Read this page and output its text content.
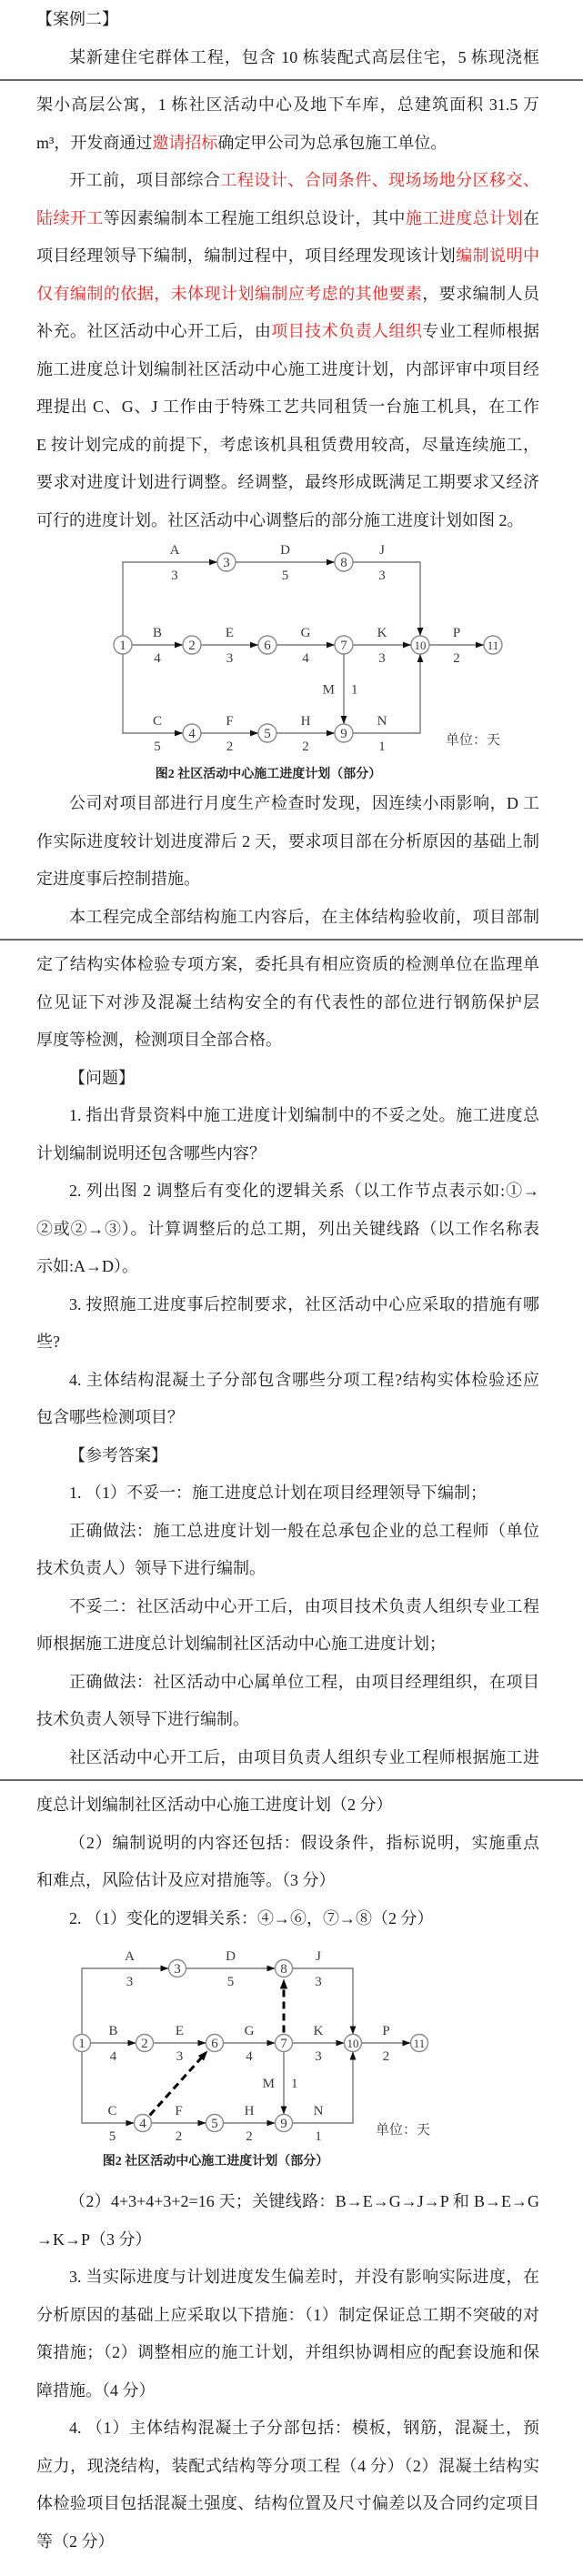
【案例二】
某新建住宅群体工程，包含 10 栋装配式高层住宅，5 栋现浇框
架小高层公寓，1 栋社区活动中心及地下车库，总建筑面积 31.5 万
m³，开发商通过邀请招标确定甲公司为总承包施工单位。
开工前，项目部综合工程设计、合同条件、现场场地分区移交、
陆续开工等因素编制本工程施工组织总设计，其中施工进度总计划在
项目经理领导下编制，编制过程中，项目经理发现该计划编制说明中
仅有编制的依据，未体现计划编制应考虑的其他要素，要求编制人员
补充。社区活动中心开工后，由项目技术负责人组织专业工程师根据
施工进度总计划编制社区活动中心施工进度计划，内部评审中项目经
理提出 C、G、J 工作由于特殊工艺共同租赁一台施工机具，在工作
E 按计划完成的前提下，考虑该机具租赁费用较高，尽量连续施工，
要求对进度计划进行调整。经调整，最终形成既满足工期要求又经济
可行的进度计划。社区活动中心调整后的部分施工进度计划如图 2。
A
3
D
5
J
3
B
4
E
3
G
4
K
3
P
2
M 1
C
5
F
2
H
2
N
1
1	2
3
4	5
6	7
8
9
10	11
单位：天
图2 社区活动中心施工进度计划（部分）
公司对项目部进行月度生产检查时发现，因连续小雨影响，D 工
作实际进度较计划进度滞后 2 天，要求项目部在分析原因的基础上制
定进度事后控制措施。
本工程完成全部结构施工内容后，在主体结构验收前，项目部制
定了结构实体检验专项方案，委托具有相应资质的检测单位在监理单
位见证下对涉及混凝土结构安全的有代表性的部位进行钢筋保护层
厚度等检测，检测项目全部合格。
【问题】
1. 指出背景资料中施工进度计划编制中的不妥之处。施工进度总
计划编制说明还包含哪些内容？
2. 列出图 2 调整后有变化的逻辑关系（以工作节点表示如:①→
②或②→③）。计算调整后的总工期，列出关键线路（以工作名称表
示如:A→D）。
3. 按照施工进度事后控制要求，社区活动中心应采取的措施有哪
些?
4. 主体结构混凝土子分部包含哪些分项工程?结构实体检验还应
包含哪些检测项目？
【参考答案】
1. （1）不妥一：施工进度总计划在项目经理领导下编制；
正确做法：施工总进度计划一般在总承包企业的总工程师（单位
技术负责人）领导下进行编制。
不妥二：社区活动中心开工后，由项目技术负责人组织专业工程
师根据施工进度总计划编制社区活动中心施工进度计划；
正确做法：社区活动中心属单位工程，由项目经理组织，在项目
技术负责人领导下进行编制。
社区活动中心开工后，由项目负责人组织专业工程师根据施工进
度总计划编制社区活动中心施工进度计划（2 分）
（2）编制说明的内容还包括：假设条件，指标说明，实施重点
和难点，风险估计及应对措施等。（3 分）
2. （1）变化的逻辑关系：④→⑥，⑦→⑧（2 分）
A
3
D
5
J
3
B
4
E
3
G
4
K
3
P
2
M 1
C
5
F
2
H
2
N
1
1	2
3
4	5
6	7
8
9
10	11
单位：天
图2 社区活动中心施工进度计划（部分）
（2）4+3+4+3+2=16 天；关键线路：B→E→G→J→P 和 B→E→G
→K→P（3 分）
3. 当实际进度与计划进度发生偏差时，并没有影响实际进度，在
分析原因的基础上应采取以下措施：（1）制定保证总工期不突破的对
策措施；（2）调整相应的施工计划，并组织协调相应的配套设施和保
障措施。（4 分）
4. （1）主体结构混凝土子分部包括：模板，钢筋，混凝土，预
应力，现浇结构，装配式结构等分项工程（4 分）（2）混凝土结构实
体检验项目包括混凝土强度、结构位置及尺寸偏差以及合同约定项目
等（2 分）
